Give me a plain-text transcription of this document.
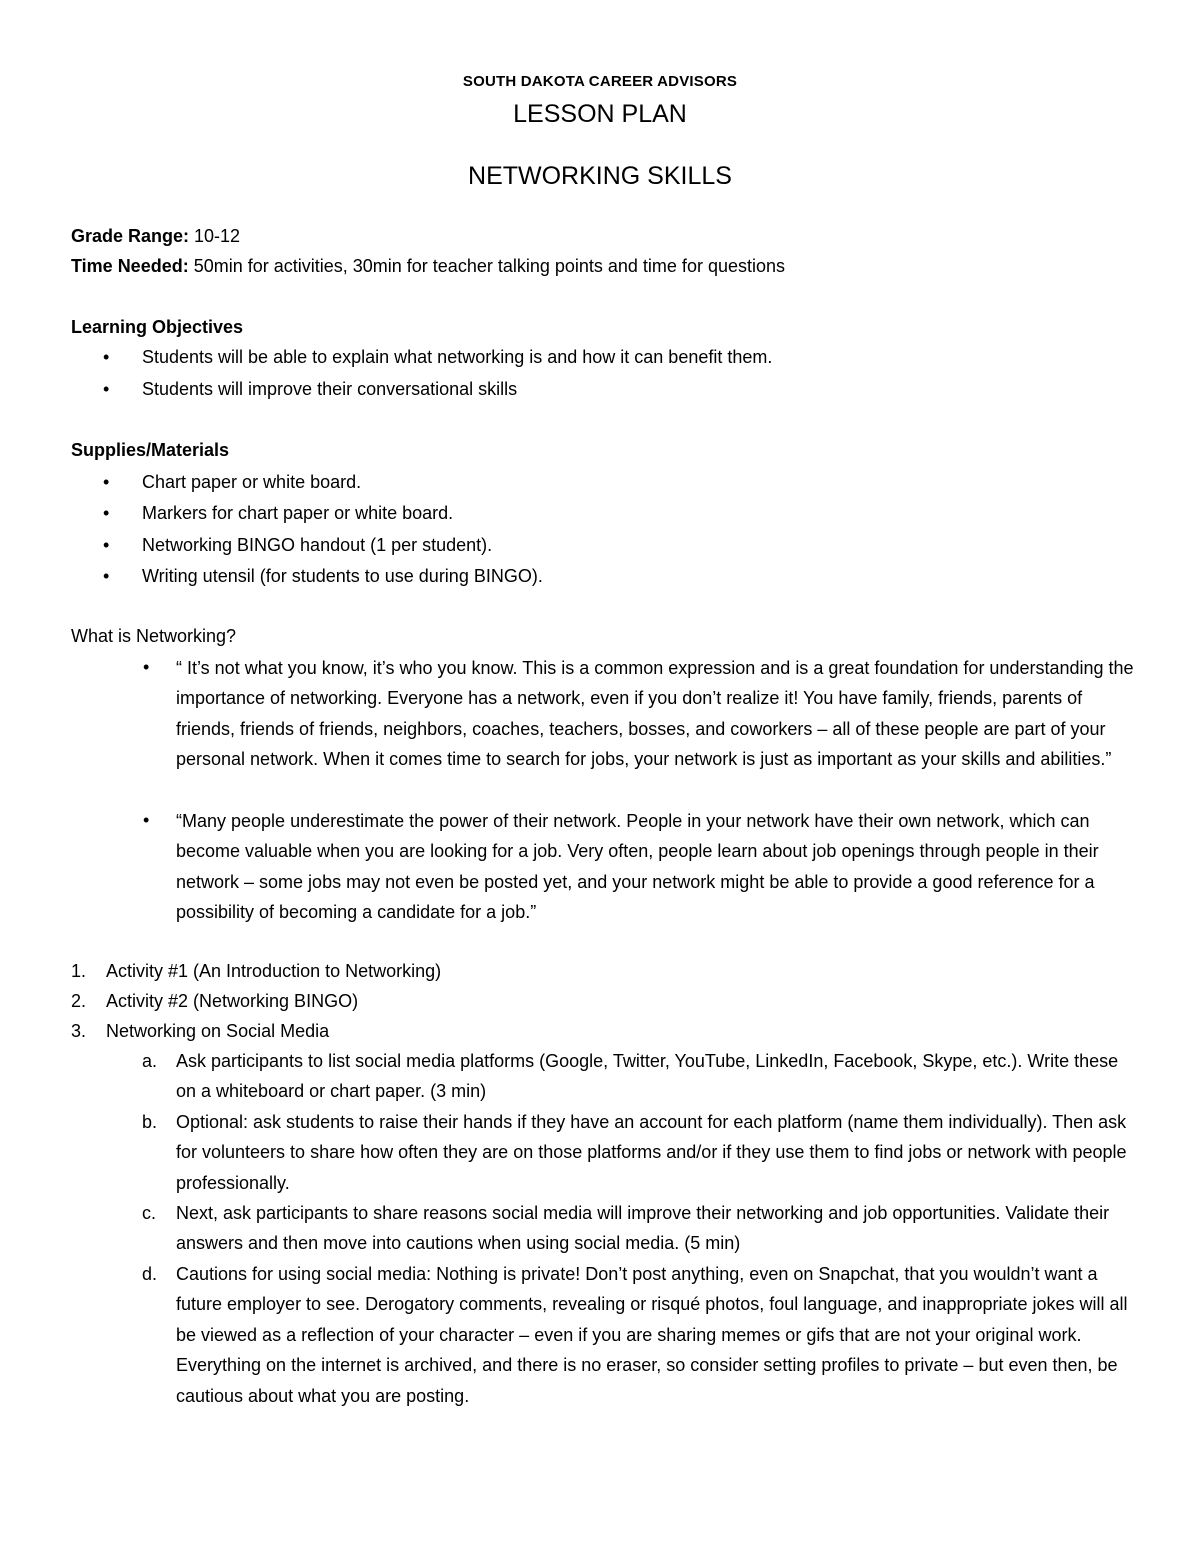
SOUTH DAKOTA CAREER ADVISORS
LESSON PLAN
NETWORKING SKILLS
Grade Range: 10-12
Time Needed: 50min for activities, 30min for teacher talking points and time for questions
Learning Objectives
• Students will be able to explain what networking is and how it can benefit them.
• Students will improve their conversational skills
Supplies/Materials
• Chart paper or white board.
• Markers for chart paper or white board.
• Networking BINGO handout (1 per student).
• Writing utensil (for students to use during BINGO).
What is Networking?
• “ It’s not what you know, it’s who you know. This is a common expression and is a great foundation for understanding the importance of networking. Everyone has a network, even if you don’t realize it! You have family, friends, parents of friends, friends of friends, neighbors, coaches, teachers, bosses, and coworkers – all of these people are part of your personal network. When it comes time to search for jobs, your network is just as important as your skills and abilities.”
• “Many people underestimate the power of their network. People in your network have their own network, which can become valuable when you are looking for a job. Very often, people learn about job openings through people in their network – some jobs may not even be posted yet, and your network might be able to provide a good reference for a possibility of becoming a candidate for a job.”
1. Activity #1 (An Introduction to Networking)
2. Activity #2 (Networking BINGO)
3. Networking on Social Media
a. Ask participants to list social media platforms (Google, Twitter, YouTube, LinkedIn, Facebook, Skype, etc.). Write these on a whiteboard or chart paper. (3 min)
b. Optional: ask students to raise their hands if they have an account for each platform (name them individually). Then ask for volunteers to share how often they are on those platforms and/or if they use them to find jobs or network with people professionally.
c. Next, ask participants to share reasons social media will improve their networking and job opportunities. Validate their answers and then move into cautions when using social media. (5 min)
d. Cautions for using social media: Nothing is private! Don’t post anything, even on Snapchat, that you wouldn’t want a future employer to see. Derogatory comments, revealing or risqué photos, foul language, and inappropriate jokes will all be viewed as a reflection of your character – even if you are sharing memes or gifs that are not your original work. Everything on the internet is archived, and there is no eraser, so consider setting profiles to private – but even then, be cautious about what you are posting.
